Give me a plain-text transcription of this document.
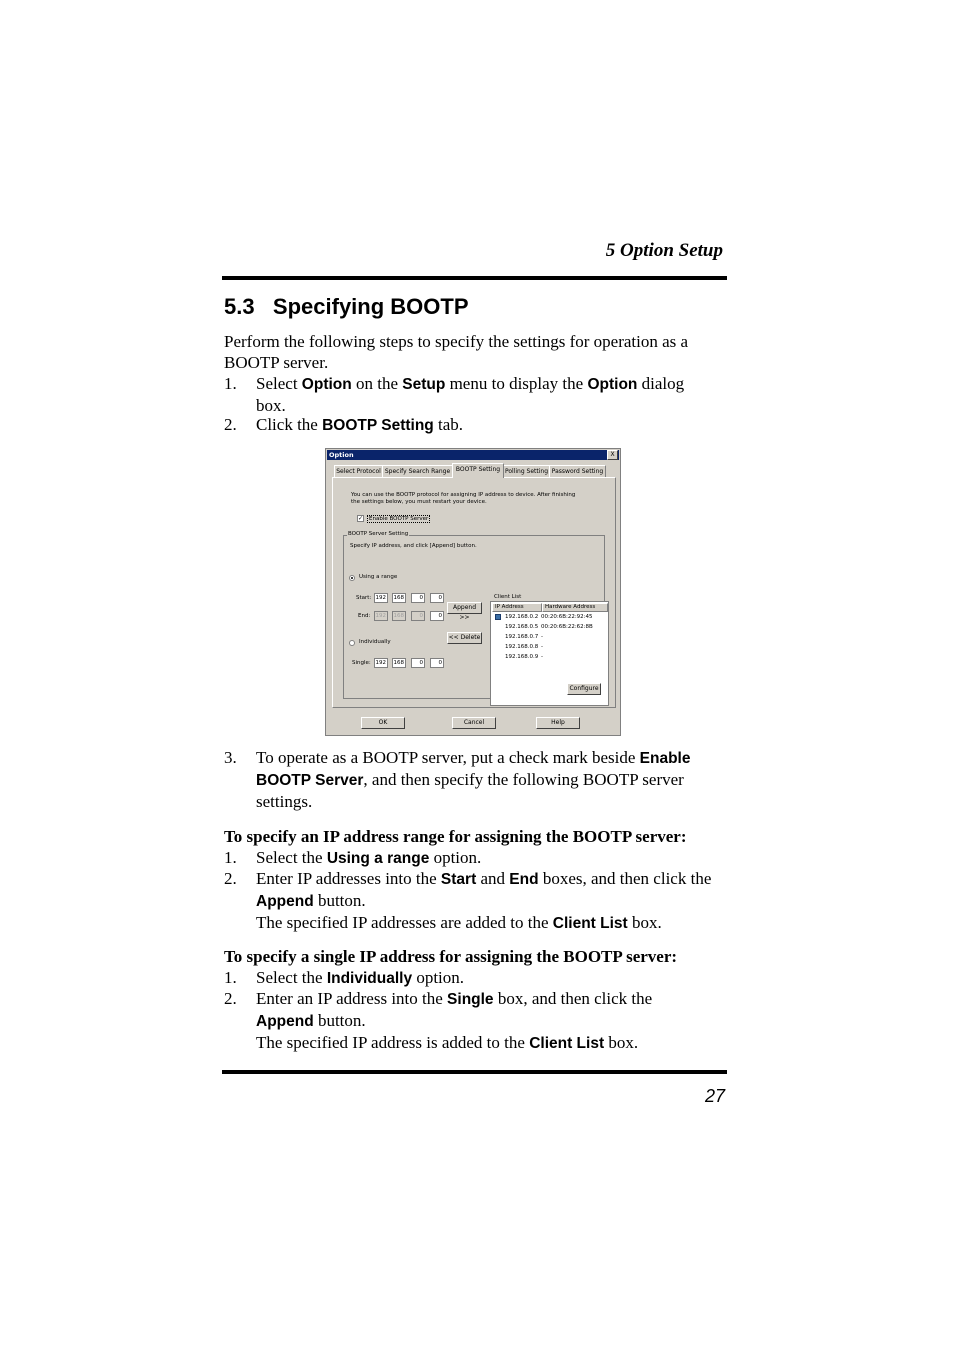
5 Option Setup
5.3   Specifying BOOTP
Perform the following steps to specify the settings for operation as a
BOOTP server.
1. Select Option on the Setup menu to display the Option dialog
box.
2. Click the BOOTP Setting tab.
Option	X
Select Protocol Specify Search Range BOOTP Setting Polling Setting Password Setting
You can use the BOOTP protocol for assigning IP address to device. After finishing
the settings below, you must restart your device.
✓	Enable BOOTP Server
BOOTP Server Setting
Specify IP address, and click [Append] button.
Using a range
Start: 192	168	0	0
End: 192	168	0	0
Append >>
<< Delete
Individually
Single: 192	168	0	0
Client List
IP Address	Hardware Address
192.168.0.2 00:20:6B:22:92:45
192.168.0.5 00:20:6B:22:62:8B
192.168.0.7 -
192.168.0.8 -
192.168.0.9 -
Configure
OK	Cancel	Help
3. To operate as a BOOTP server, put a check mark beside Enable
BOOTP Server, and then specify the following BOOTP server
settings.
To specify an IP address range for assigning the BOOTP server:
1. Select the Using a range option.
2. Enter IP addresses into the Start and End boxes, and then click the
Append button.
The specified IP addresses are added to the Client List box.
To specify a single IP address for assigning the BOOTP server:
1. Select the Individually option.
2. Enter an IP address into the Single box, and then click the
Append button.
The specified IP address is added to the Client List box.
27
